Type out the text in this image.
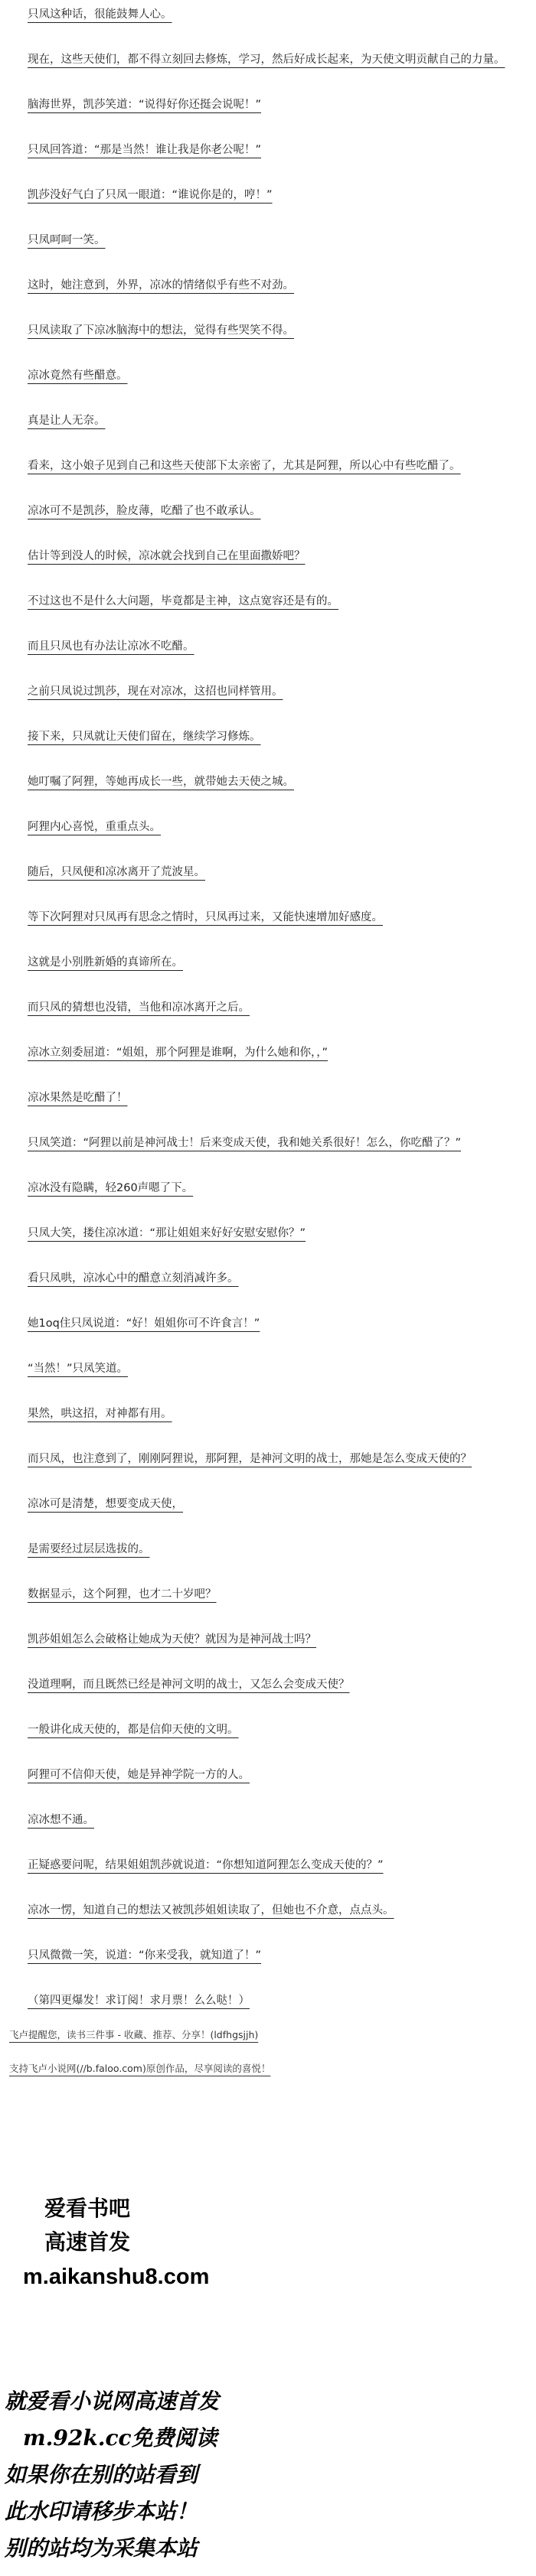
只凤这种话，很能鼓舞人心。

现在，这些天使们，都不得立刻回去修炼，学习，然后好成长起来，为天使文明贡献自己的力量。

脑海世界，凯莎笑道：“说得好你还挺会说呢！”

只凤回答道：“那是当然！谁让我是你老公呢！”

凯莎没好气白了只凤一眼道：“谁说你是的，哼！”

只凤呵呵一笑。

这时，她注意到，外界，凉冰的情绪似乎有些不对劲。

只凤读取了下凉冰脑海中的想法，觉得有些哭笑不得。

凉冰竟然有些醋意。

真是让人无奈。

看来，这小娘子见到自己和这些天使部下太亲密了，尤其是阿狸，所以心中有些吃醋了。

凉冰可不是凯莎，脸皮薄，吃醋了也不敢承认。

估计等到没人的时候，凉冰就会找到自己在里面撒娇吧？

不过这也不是什么大问题，毕竟都是主神，这点宽容还是有的。

而且只凤也有办法让凉冰不吃醋。

之前只凤说过凯莎，现在对凉冰，这招也同样管用。

接下来，只凤就让天使们留在，继续学习修炼。

她叮嘱了阿狸，等她再成长一些，就带她去天使之城。

阿狸内心喜悦，重重点头。

随后，只凤便和凉冰离开了荒波星。

等下次阿狸对只凤再有思念之情时，只凤再过来，又能快速增加好感度。

这就是小别胜新婚的真谛所在。

而只凤的猜想也没错，当他和凉冰离开之后。

凉冰立刻委屈道：“姐姐，那个阿狸是谁啊，为什么她和你，，”

凉冰果然是吃醋了！

只凤笑道：“阿狸以前是神河战士！后来变成天使，我和她关系很好！怎么，你吃醋了？”

凉冰没有隐瞒，轻260声嗯了下。

只凤大笑，搂住凉冰道：“那让姐姐来好好安慰安慰你？”

看只凤哄，凉冰心中的醋意立刻消减许多。

她1oq住只凤说道：“好！姐姐你可不许食言！”

“当然！”只凤笑道。

果然，哄这招，对神都有用。

而只凤，也注意到了，刚刚阿狸说，那阿狸，是神河文明的战士，那她是怎么变成天使的？

凉冰可是清楚，想要变成天使，

是需要经过层层选拔的。

数据显示，这个阿狸，也才二十岁吧？

凯莎姐姐怎么会破格让她成为天使？就因为是神河战士吗？

没道理啊，而且既然已经是神河文明的战士，又怎么会变成天使？

一般讲化成天使的，都是信仰天使的文明。

阿狸可不信仰天使，她是异神学院一方的人。

凉冰想不通。

正疑惑要问呢，结果姐姐凯莎就说道：“你想知道阿狸怎么变成天使的？”

凉冰一愣，知道自己的想法又被凯莎姐姐读取了，但她也不介意，点点头。

只凤微微一笑，说道：“你来受我，就知道了！”

（第四更爆发！求订阅！求月票！么么哒！）

飞卢提醒您，读书三件事 - 收藏、推荐、分享！(ldfhgsjjh)

支持飞卢小说网(//b.faloo.com)原创作品，尽享阅读的喜悦！

爱看书吧
高速首发
m.aikanshu8.com
就爱看小说网高速首发
m.92k.cc免费阅读
如果你在别的站看到
此水印请移步本站！
别的站均为采集本站
